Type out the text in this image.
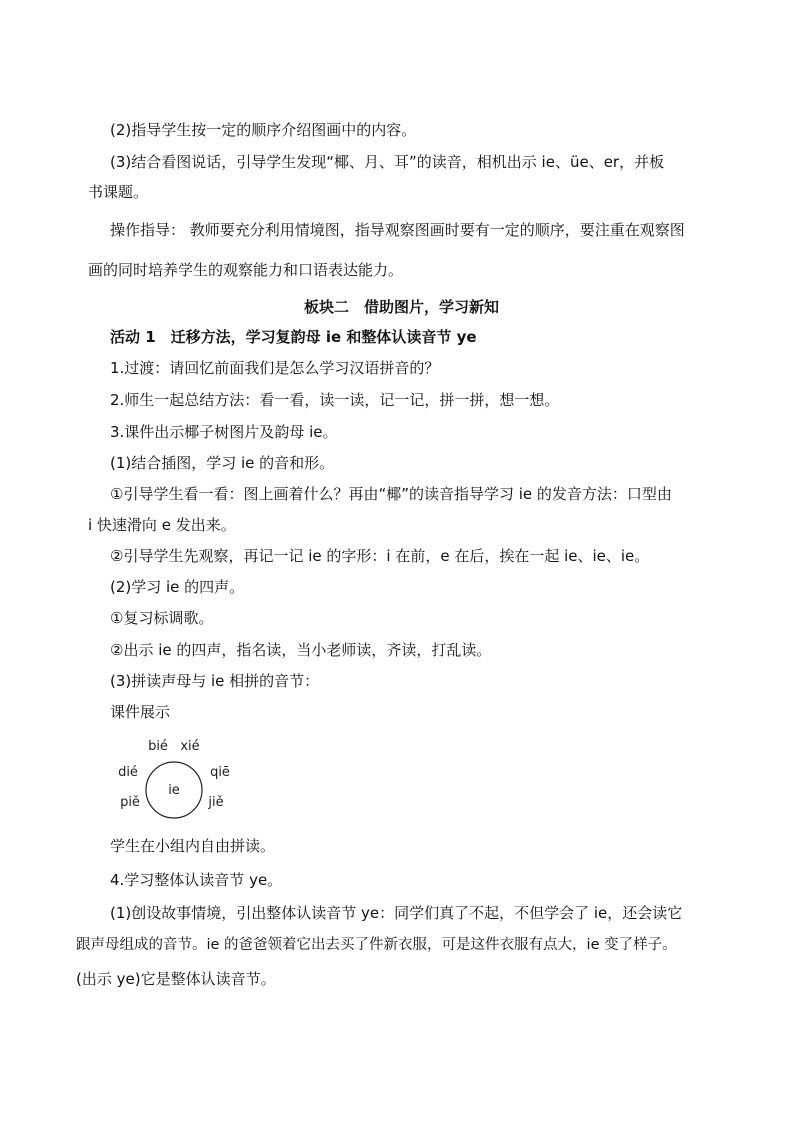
(2)指导学生按一定的顺序介绍图画中的内容。
(3)结合看图说话，引导学生发现“椰、月、耳”的读音，相机出示 ie、üe、er，并板
书课题。
操作指导： 教师要充分利用情境图，指导观察图画时要有一定的顺序，要注重在观察图
画的同时培养学生的观察能力和口语表达能力。
板块二　借助图片，学习新知
活动 1　迁移方法，学习复韵母 ie 和整体认读音节 ye
1.过渡：请回忆前面我们是怎么学习汉语拼音的？
2.师生一起总结方法：看一看，读一读，记一记，拼一拼，想一想。
3.课件出示椰子树图片及韵母 ie。
(1)结合插图，学习 ie 的音和形。
①引导学生看一看：图上画着什么？再由“椰”的读音指导学习 ie 的发音方法：口型由
i 快速滑向 e 发出来。
②引导学生先观察，再记一记 ie 的字形：i 在前，e 在后，挨在一起 ie、ie、ie。
(2)学习 ie 的四声。
①复习标调歌。
②出示 ie 的四声，指名读，当小老师读，齐读，打乱读。
(3)拼读声母与 ie 相拼的音节：
课件展示
ie
bié xié
dié	qiē
piě	jiě
学生在小组内自由拼读。
4.学习整体认读音节 ye。
(1)创设故事情境，引出整体认读音节 ye：同学们真了不起，不但学会了 ie，还会读它
跟声母组成的音节。ie 的爸爸领着它出去买了件新衣服，可是这件衣服有点大，ie 变了样子。
(出示 ye)它是整体认读音节。
